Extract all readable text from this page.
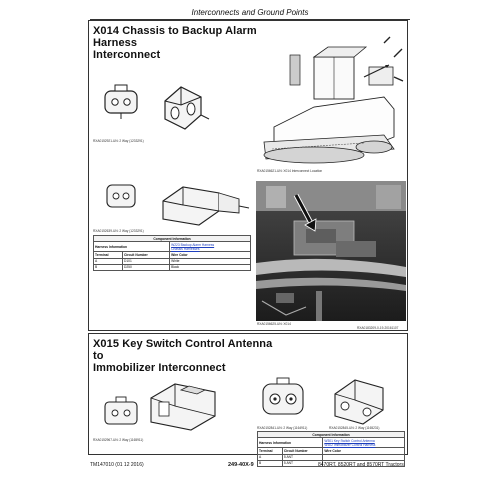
Interconnects and Ground Points
X014 Chassis to Backup Alarm Harness
Interconnect
RXA0152921-UN: 2 Way (1233291)
RXA0156621-UN: X014 Interconnect Location
RXA0152639-UN: 2 Way (1233291)
Component Information		
Harness Information		W223 Backup Alarm Harness
Chassis Harnesses

Terminal	Circuit Number	Wire Color
A	D101	White
B	D250	Black
RXA0156625-UN: X014
RXA0183209-0-19-20161107
X015 Key Switch Control Antenna to
Immobilizer Interconnect
RXA0152967-UN: 2 Way (1165911)
RXA0152841-UN: 2 Way (1164911)	RXA0152845-UN: 2 Way (1165231)
Component Information		
Harness Information		W301 Key Switch Control Antenna
W302 Immobilizer Control Harness

Terminal	Circuit Number	Wire Color
A	5 ANT	
B	5 ANT	
TM147010 (01 12 2016)	249-40X-9	8470RT, 8520RT and 8570RT Tractors
